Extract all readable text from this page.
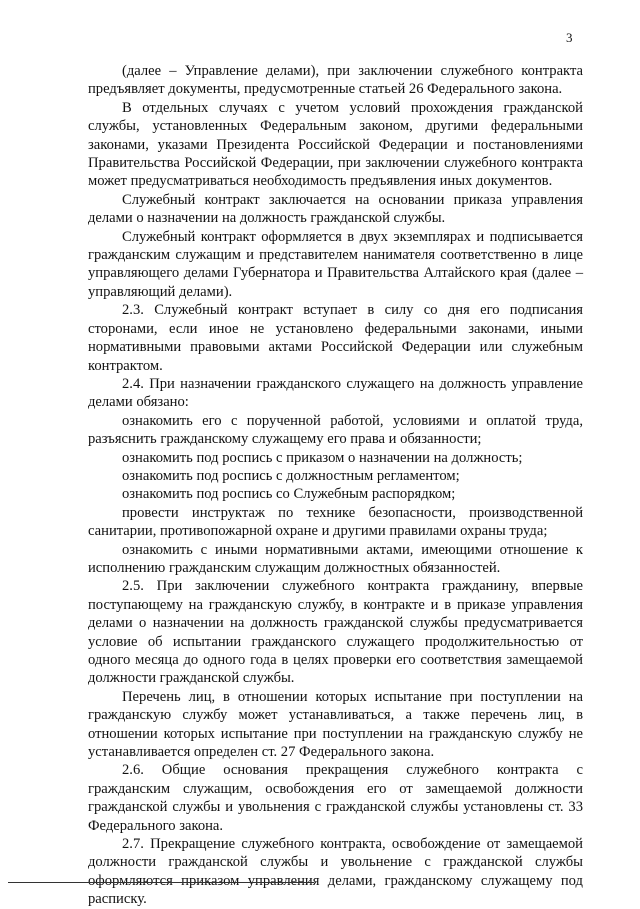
3

(далее – Управление делами), при заключении служебного контракта предъявляет документы, предусмотренные статьей 26 Федерального закона.

В отдельных случаях с учетом условий прохождения гражданской службы, установленных Федеральным законом, другими федеральными законами, указами Президента Российской Федерации и постановлениями Правительства Российской Федерации, при заключении служебного контракта может предусматриваться необходимость предъявления иных документов.

Служебный контракт заключается на основании приказа управления делами о назначении на должность гражданской службы.

Служебный контракт оформляется в двух экземплярах и подписывается гражданским служащим и представителем нанимателя соответственно в лице управляющего делами Губернатора и Правительства Алтайского края (далее – управляющий делами).

2.3. Служебный контракт вступает в силу со дня его подписания сторонами, если иное не установлено федеральными законами, иными нормативными правовыми актами Российской Федерации или служебным контрактом.

2.4. При назначении гражданского служащего на должность управление делами обязано:

ознакомить его с порученной работой, условиями и оплатой труда, разъяснить гражданскому служащему его права и обязанности;

ознакомить под роспись с приказом о назначении на должность;

ознакомить под роспись с должностным регламентом;

ознакомить под роспись со Служебным распорядком;

провести инструктаж по технике безопасности, производственной санитарии, противопожарной охране и другими правилами охраны труда;

ознакомить с иными нормативными актами, имеющими отношение к исполнению гражданским служащим должностных обязанностей.

2.5. При заключении служебного контракта гражданину, впервые поступающему на гражданскую службу, в контракте и в приказе управления делами о назначении на должность гражданской службы предусматривается условие об испытании гражданского служащего продолжительностью от одного месяца до одного года в целях проверки его соответствия замещаемой должности гражданской службы.

Перечень лиц, в отношении которых испытание при поступлении на гражданскую службу может устанавливаться, а также перечень лиц, в отношении которых испытание при поступлении на гражданскую службу не устанавливается определен ст. 27 Федерального закона.

2.6. Общие основания прекращения служебного контракта с гражданским служащим, освобождения его от замещаемой должности гражданской службы и увольнения с гражданской службы установлены ст. 33 Федерального закона.

2.7. Прекращение служебного контракта, освобождение от замещаемой должности гражданской службы и увольнение с гражданской службы оформляются приказом управления делами, гражданскому служащему под расписку.
